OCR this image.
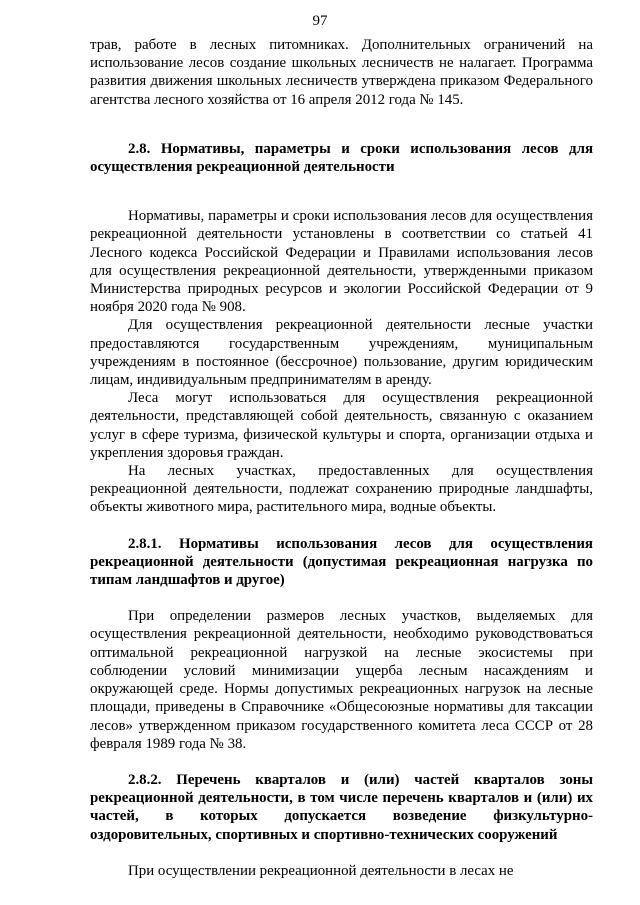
97

трав, работе в лесных питомниках. Дополнительных ограничений на использование лесов создание школьных лесничеств не налагает. Программа развития движения школьных лесничеств утверждена приказом Федерального агентства лесного хозяйства от 16 апреля 2012 года № 145.

2.8. Нормативы, параметры и сроки использования лесов для осуществления рекреационной деятельности

Нормативы, параметры и сроки использования лесов для осуществления рекреационной деятельности установлены в соответствии со статьей 41 Лесного кодекса Российской Федерации и Правилами использования лесов для осуществления рекреационной деятельности, утвержденными приказом Министерства природных ресурсов и экологии Российской Федерации от 9 ноября 2020 года № 908.

Для осуществления рекреационной деятельности лесные участки предоставляются государственным учреждениям, муниципальным учреждениям в постоянное (бессрочное) пользование, другим юридическим лицам, индивидуальным предпринимателям в аренду.

Леса могут использоваться для осуществления рекреационной деятельности, представляющей собой деятельность, связанную с оказанием услуг в сфере туризма, физической культуры и спорта, организации отдыха и укрепления здоровья граждан.

На лесных участках, предоставленных для осуществления рекреационной деятельности, подлежат сохранению природные ландшафты, объекты животного мира, растительного мира, водные объекты.

2.8.1. Нормативы использования лесов для осуществления рекреационной деятельности (допустимая рекреационная нагрузка по типам ландшафтов и другое)

При определении размеров лесных участков, выделяемых для осуществления рекреационной деятельности, необходимо руководствоваться оптимальной рекреационной нагрузкой на лесные экосистемы при соблюдении условий минимизации ущерба лесным насаждениям и окружающей среде. Нормы допустимых рекреационных нагрузок на лесные площади, приведены в Справочнике «Общесоюзные нормативы для таксации лесов» утвержденном приказом государственного комитета леса СССР от 28 февраля 1989 года № 38.

2.8.2. Перечень кварталов и (или) частей кварталов зоны рекреационной деятельности, в том числе перечень кварталов и (или) их частей, в которых допускается возведение физкультурно-оздоровительных, спортивных и спортивно-технических сооружений

При осуществлении рекреационной деятельности в лесах не
